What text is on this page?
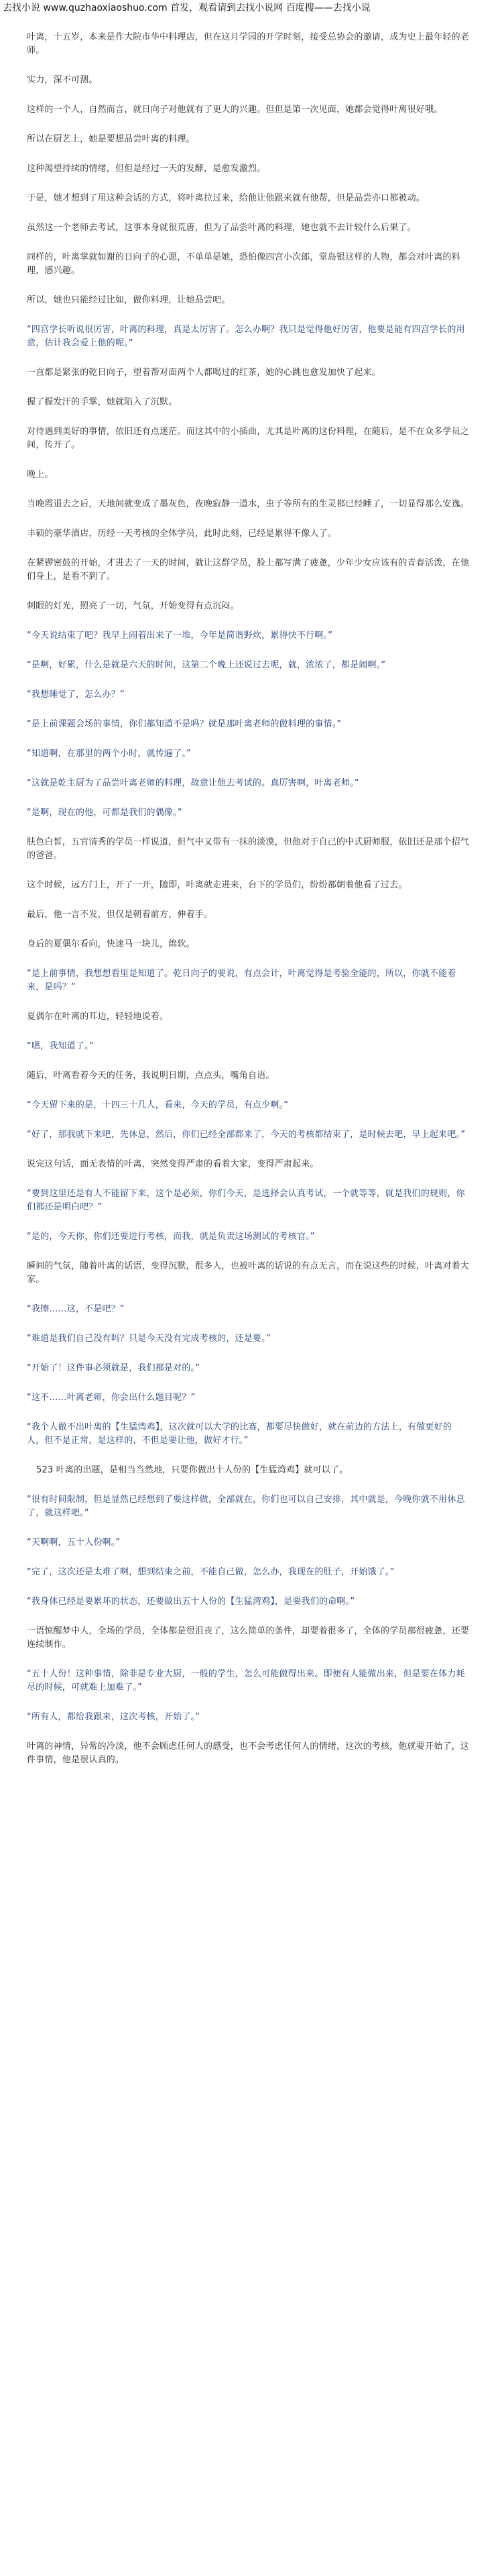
去找小说 www.quzhaoxiaoshuo.com 首发，观看请到去找小说网 百度搜——去找小说

叶离，十五岁，本来是作大院市华中料理店，但在这月学园的开学时刻，接受总协会的邀请，成为史上最年轻的老师。

实力，深不可测。

这样的一个人，自然而言，就日向子对他就有了更大的兴趣。但但是第一次见面，她都会觉得叶离很好哦。

所以在厨艺上，她是要想品尝叶离的料理。

这种渴望持续的情绪，但但是经过一天的发酵，是愈发激烈。

于是，她才想到了用这种会话的方式，将叶离拉过来，给他让他跟来就有他帮，但是品尝亦口都被动。

虽然这一个老师去考试，这事本身就很荒唐，但为了品尝叶离的料理，她也就不去计较什么后果了。

同样的，叶离掌就如谢的日向子的心愿，不单单是她，恐怕像四宫小次郎，堂岛银这样的人物，都会对叶离的料理，感兴趣。

所以，她也只能经过比如，做你料理，让她品尝吧。

“四宫学长听说很厉害，叶离的料理，真是太厉害了。怎么办啊？我只是觉得他好厉害，他要是能有四宫学长的用意，估计我会爱上他的呢。”

一直都是紧张的乾日向子，望着帮对面两个人都喝过的红茶，她的心跳也愈发加快了起来。

握了握发汗的手掌，她就陷入了沉默。

对待遇到美好的事情，依旧还有点迷茫。而这其中的小插曲，尤其是叶离的这份料理，在随后，是不在众多学员之间，传开了。

晚上。

当晚霞退去之后，天地间就变成了墨灰色，夜晚寂静一道水，虫子等所有的生灵都已经睡了，一切显得那么安逸。

丰硕的豪华酒店，历经一天考核的全体学员，此时此刻，已经是累得不像人了。

在紧锣密鼓的开始，才进去了一天的时间，就让这群学员，脸上都写满了疲惫，少年少女应该有的青春活泼，在他们身上，是看不到了。

刺眼的灯光，照亮了一切，气氛，开始变得有点沉闷。

“今天说结束了吧？我早上闹着出来了一堆，今年是简谐野炊，累得快不行啊。”

“是啊，好累，什么是就是六天的时间，这第二个晚上还说过去呢，就，浓浓了，都是闹啊。”

“我想睡觉了，怎么办？”

“是上前课题会场的事情，你们都知道不是吗？就是那叶离老师的做料理的事情。”

“知道啊，在那里的两个小时，就传遍了。”

“这就是乾主厨为了品尝叶离老师的料理，故意让他去考试的。真厉害啊，叶离老师。”

“是啊，现在的他，可都是我们的偶像。”

肤色白皙，五官清秀的学员一样说道，但气中又带有一抹的淡漠，但他对于自己的中式厨师服，依旧还是那个招气的爸爸。

这个时候，远方门上，开了一开，随即，叶离就走进来，台下的学员们，纷纷都朝着他看了过去。

最后，他一言不发，但仅是朝着前方，伸着手。

身后的夏偶尔看向，快速马一块儿，绵软。

“是上前事情，我想想看里是知道了。乾日向子的要说，有点会计，叶离觉得是考验全能的，所以，你就不能着来，是吗？”

夏偶尔在叶离的耳边，轻轻地说着。

“嗯，我知道了。”

随后，叶离看着今天的任务，我说明日期，点点头，嘴角自语。

“今天留下来的是，十四三十几人，看来，今天的学员，有点少啊。”

“好了，那我就下来吧，先休息，然后，你们已经全部都来了，今天的考核都结束了，是时候去吧，早上起来吧。”

说完这句话，面无表情的叶离，突然变得严肃的看着大家，变得严肃起来。

“要到这里还是有人不能留下来，这个是必须，你们今天，是选择会认真考试，一个就等等，就是我们的规则，你们都还是明白吧？”

“是的，今天你，你们还要进行考核，而我，就是负责这场测试的考核官。”

瞬间的气氛，随着叶离的话语，变得沉默，很多人，也被叶离的话说的有点无言，而在说这些的时候，叶离对着大家。

“我擦……这，不是吧？”

“难道是我们自己没有吗？只是今天没有完成考核的，还是要。”

“开始了！这件事必须就是，我们都是对的。”

“这不……叶离老师，你会出什么题目呢？”

“我个人做不出叶离的【生猛湾鸡】，这次就可以大学的比赛，都要尽快做好，就在前边的方法上，有做更好的人，但不是正常，是这样的，不但是要让他，做好才行。”

523 叶离的出题，是相当当然地，只要你做出十人份的【生猛湾鸡】就可以了。

“很有时间限制，但是显然已经想到了要这样做，全部就在，你们也可以自己安排，其中就是，今晚你就不用休息了，就这样吧。”

“天啊啊，五十人份啊。”

“完了，这次还是太难了啊，想到结束之前，不能自己做，怎么办，我现在的肚子，开始饿了。”

“我身体已经是要累坏的状态，还要做出五十人份的【生猛湾鸡】，是要我们的命啊。”

一语惊醒梦中人，全场的学员，全体都是很沮丧了，这么简单的条件，却要着很多了，全体的学员都很疲惫，还要连续制作。

“五十人份！这种事情，除非是专业大厨，一般的学生，怎么可能做得出来。即便有人能做出来，但是要在体力耗尽的时候，可就难上加难了。”

“所有人，都给我跟来，这次考核，开始了。”

叶离的神情，异常的冷淡，他不会顾虑任何人的感受，也不会考虑任何人的情绪，这次的考核，他就要开始了，这件事情，他是很认真的。
